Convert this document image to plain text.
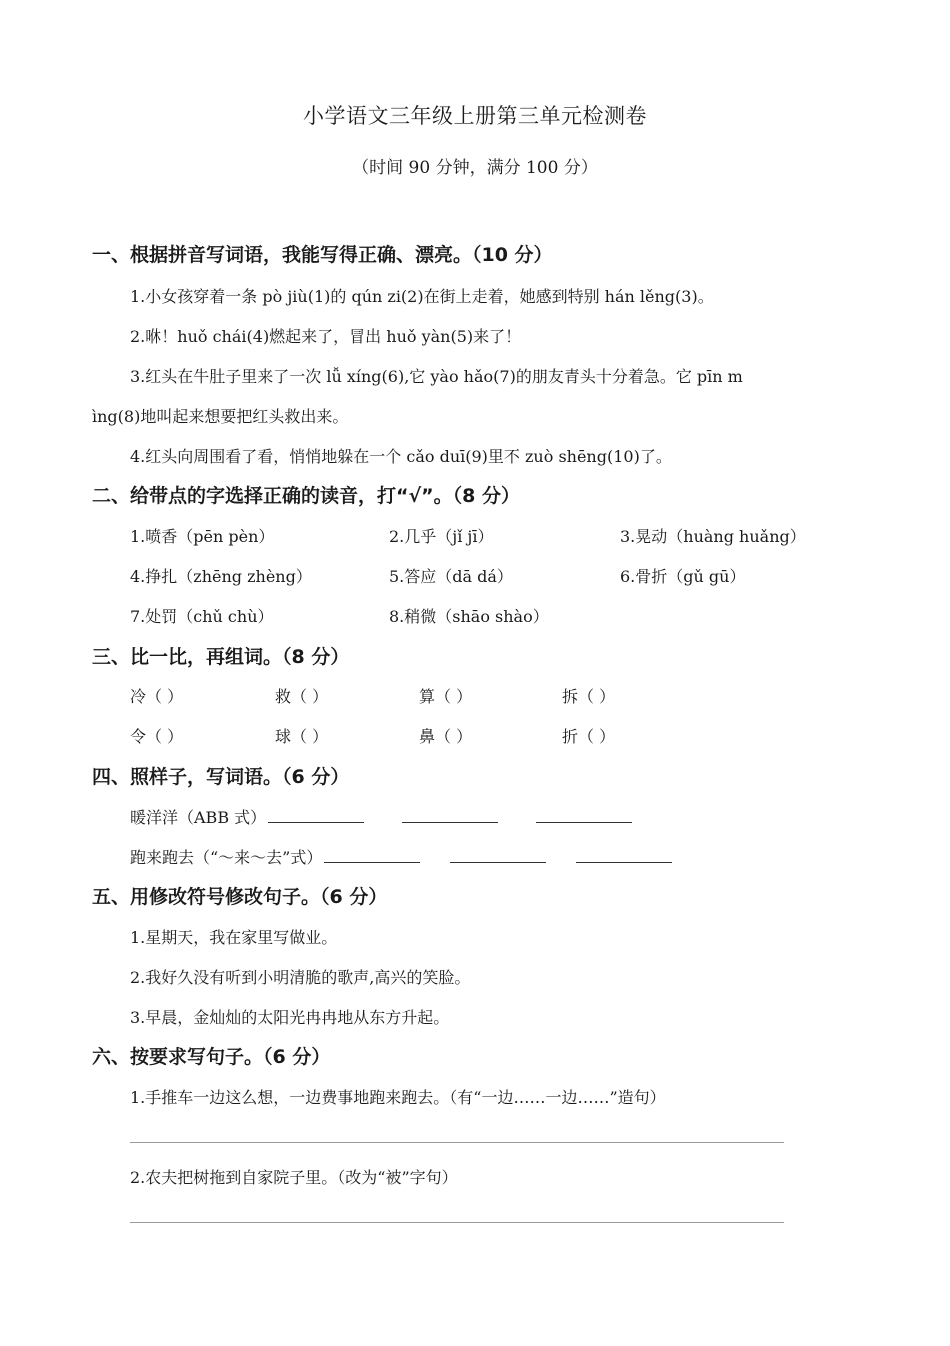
小学语文三年级上册第三单元检测卷
（时间 90 分钟，满分 100 分）
一、根据拼音写词语，我能写得正确、漂亮。（10 分）
1.小女孩穿着一条 pò jiù(1)的 qún zi(2)在街上走着，她感到特别 hán lěng(3)。
2.咻！huǒ chái(4)燃起来了，冒出 huǒ yàn(5)来了！
3.红头在牛肚子里来了一次 lǚ xíng(6),它 yào hǎo(7)的朋友青头十分着急。它 pīn m
ìng(8)地叫起来想要把红头救出来。
4.红头向周围看了看，悄悄地躲在一个 cǎo duī(9)里不 zuò shēng(10)了。
二、给带点的字选择正确的读音，打“√”。（8 分）
1.喷香（pēn pèn）	2.几乎（jǐ jī）	3.晃动（huàng huǎng）
4.挣扎（zhēng zhèng）	5.答应（dā dá）	6.骨折（gǔ gū）
7.处罚（chǔ chù）	8.稍微（shāo shào）
三、比一比，再组词。（8 分）
冷（ ）	救（ ）	算（ ）	拆（ ）
令（ ）	球（ ）	鼻（ ）	折（ ）
四、照样子，写词语。（6 分）
暖洋洋（ABB 式）
跑来跑去（“～来～去”式）
五、用修改符号修改句子。（6 分）
1.星期天，我在家里写做业。
2.我好久没有听到小明清脆的歌声,高兴的笑脸。
3.早晨，金灿灿的太阳光冉冉地从东方升起。
六、按要求写句子。（6 分）
1.手推车一边这么想，一边费事地跑来跑去。（有“一边……一边……”造句）
2.农夫把树拖到自家院子里。（改为“被”字句）
